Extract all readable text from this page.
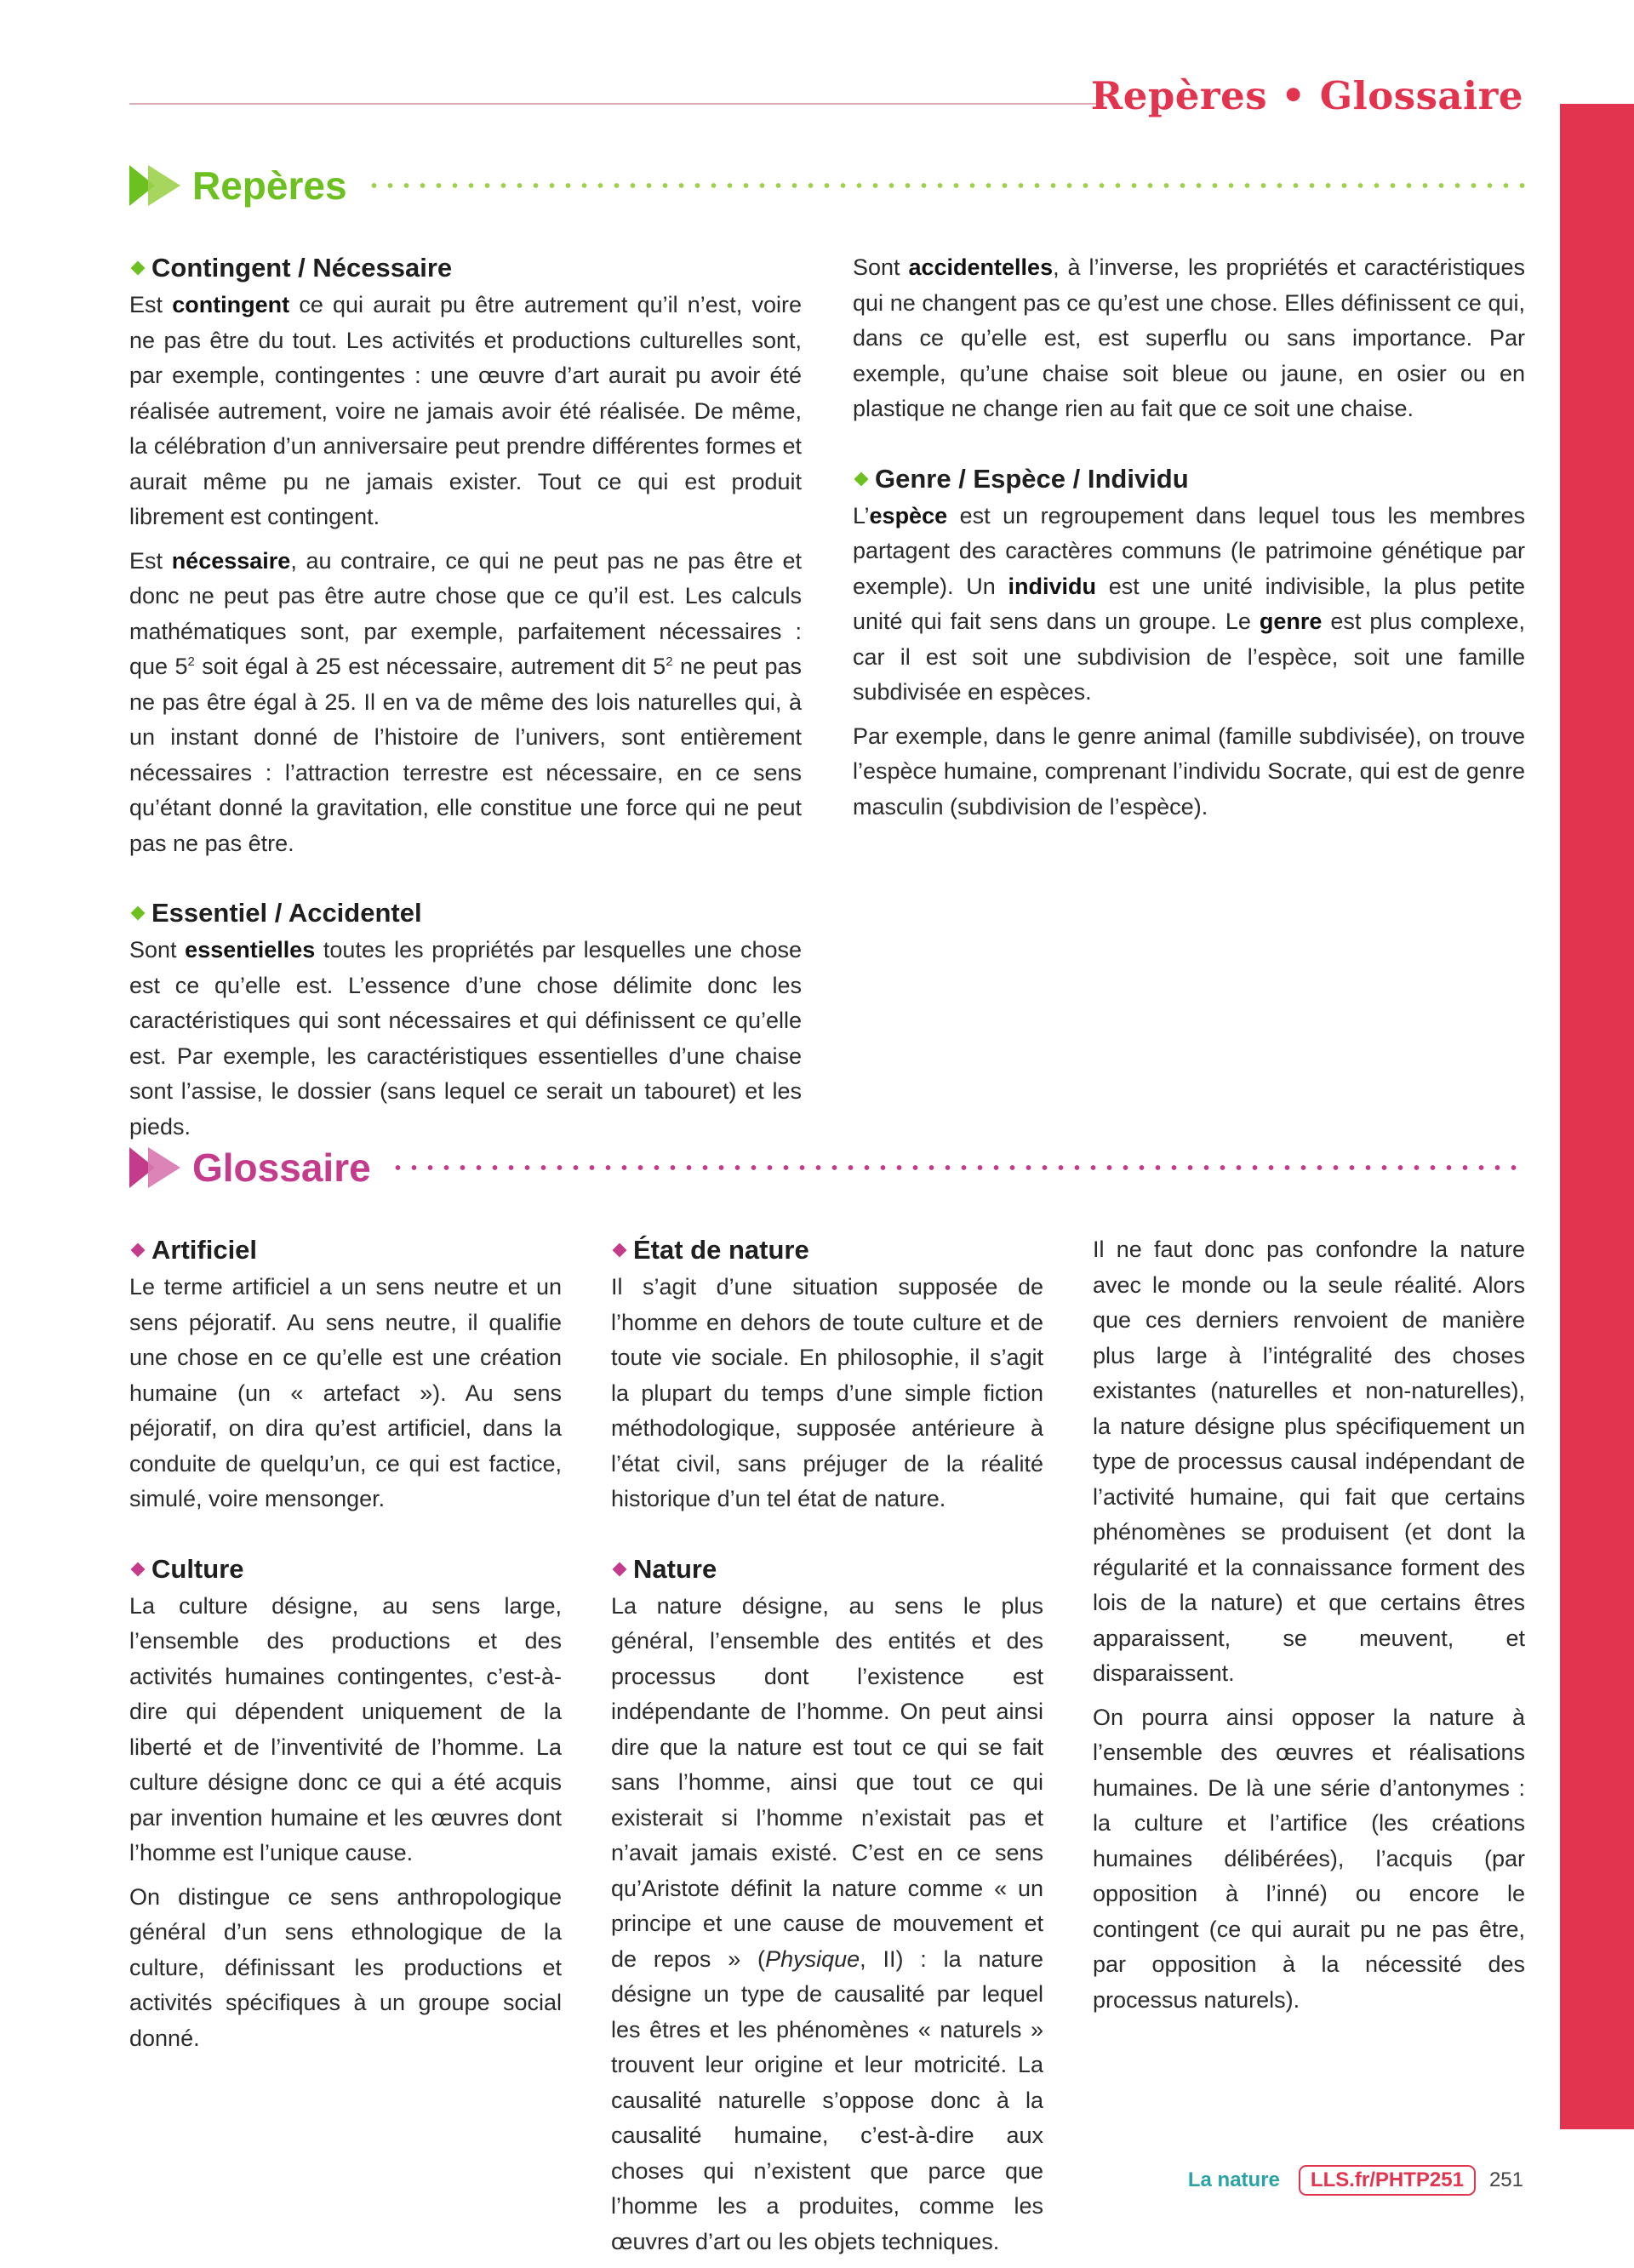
Repères • Glossaire
Repères
Contingent / Nécessaire

Est contingent ce qui aurait pu être autrement qu’il n’est, voire ne pas être du tout. Les activités et productions culturelles sont, par exemple, contingentes : une œuvre d’art aurait pu avoir été réalisée autrement, voire ne jamais avoir été réalisée. De même, la célébration d’un anniversaire peut prendre différentes formes et aurait même pu ne jamais exister. Tout ce qui est produit librement est contingent.

Est nécessaire, au contraire, ce qui ne peut pas ne pas être et donc ne peut pas être autre chose que ce qu’il est. Les calculs mathématiques sont, par exemple, parfaitement nécessaires : que $5^2$ soit égal à 25 est nécessaire, autrement dit $5^2$ ne peut pas ne pas être égal à 25. Il en va de même des lois naturelles qui, à un instant donné de l’histoire de l’univers, sont entièrement nécessaires : l’attraction terrestre est nécessaire, en ce sens qu’étant donné la gravitation, elle constitue une force qui ne peut pas ne pas être.

Essentiel / Accidentel

Sont essentielles toutes les propriétés par lesquelles une chose est ce qu’elle est. L’essence d’une chose délimite donc les caractéristiques qui sont nécessaires et qui définissent ce qu’elle est. Par exemple, les caractéristiques essentielles d’une chaise sont l’assise, le dossier (sans lequel ce serait un tabouret) et les pieds.

Sont accidentelles, à l’inverse, les propriétés et caractéristiques qui ne changent pas ce qu’est une chose. Elles définissent ce qui, dans ce qu’elle est, est superflu ou sans importance. Par exemple, qu’une chaise soit bleue ou jaune, en osier ou en plastique ne change rien au fait que ce soit une chaise.

Genre / Espèce / Individu

L’espèce est un regroupement dans lequel tous les membres partagent des caractères communs (le patrimoine génétique par exemple). Un individu est une unité indivisible, la plus petite unité qui fait sens dans un groupe. Le genre est plus complexe, car il est soit une subdivision de l’espèce, soit une famille subdivisée en espèces.

Par exemple, dans le genre animal (famille subdivisée), on trouve l’espèce humaine, comprenant l’individu Socrate, qui est de genre masculin (subdivision de l’espèce).

Glossaire
Artificiel

Le terme artificiel a un sens neutre et un sens péjoratif. Au sens neutre, il qualifie une chose en ce qu’elle est une création humaine (un « artefact »). Au sens péjoratif, on dira qu’est artificiel, dans la conduite de quelqu’un, ce qui est factice, simulé, voire mensonger.

Culture

La culture désigne, au sens large, l’ensemble des productions et des activités humaines contingentes, c’est-à-dire qui dépendent uniquement de la liberté et de l’inventivité de l’homme. La culture désigne donc ce qui a été acquis par invention humaine et les œuvres dont l’homme est l’unique cause.

On distingue ce sens anthropologique général d’un sens ethnologique de la culture, définissant les productions et activités spécifiques à un groupe social donné.

État de nature

Il s’agit d’une situation supposée de l’homme en dehors de toute culture et de toute vie sociale. En philosophie, il s’agit la plupart du temps d’une simple fiction méthodologique, supposée antérieure à l’état civil, sans préjuger de la réalité historique d’un tel état de nature.

Nature

La nature désigne, au sens le plus général, l’ensemble des entités et des processus dont l’existence est indépendante de l’homme. On peut ainsi dire que la nature est tout ce qui se fait sans l’homme, ainsi que tout ce qui existerait si l’homme n’existait pas et n’avait jamais existé. C’est en ce sens qu’Aristote définit la nature comme « un principe et une cause de mouvement et de repos » (Physique, II) : la nature désigne un type de causalité par lequel les êtres et les phénomènes « naturels » trouvent leur origine et leur motricité. La causalité naturelle s’oppose donc à la causalité humaine, c’est-à-dire aux choses qui n’existent que parce que l’homme les a produites, comme les œuvres d’art ou les objets techniques.

Il ne faut donc pas confondre la nature avec le monde ou la seule réalité. Alors que ces derniers renvoient de manière plus large à l’intégralité des choses existantes (naturelles et non-naturelles), la nature désigne plus spécifiquement un type de processus causal indépendant de l’activité humaine, qui fait que certains phénomènes se produisent (et dont la régularité et la connaissance forment des lois de la nature) et que certains êtres apparaissent, se meuvent, et disparaissent.

On pourra ainsi opposer la nature à l’ensemble des œuvres et réalisations humaines. De là une série d’antonymes : la culture et l’artifice (les créations humaines délibérées), l’acquis (par opposition à l’inné) ou encore le contingent (ce qui aurait pu ne pas être, par opposition à la nécessité des processus naturels).

La nature	LLS.fr/PHTP251	251
